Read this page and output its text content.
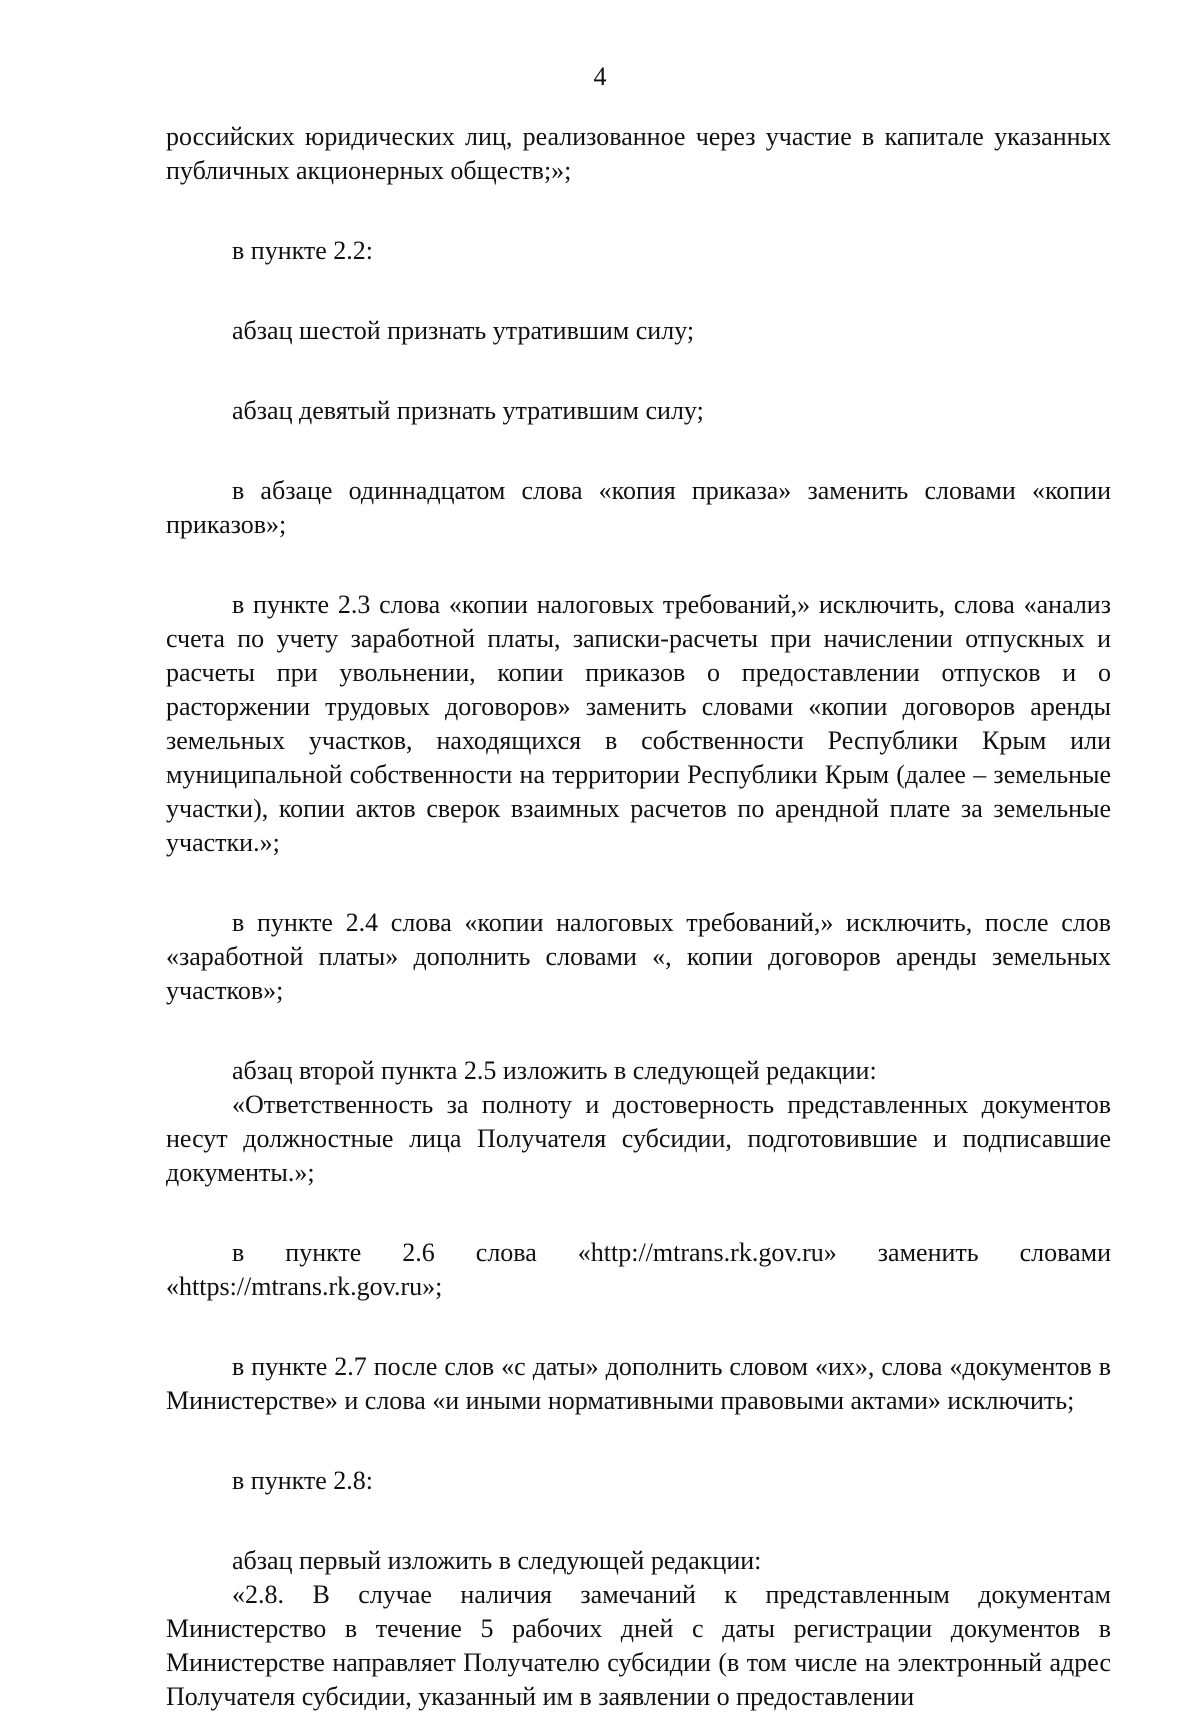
4

российских юридических лиц, реализованное через участие в капитале указанных публичных акционерных обществ;»;

в пункте 2.2:

абзац шестой признать утратившим силу;

абзац девятый признать утратившим силу;

в абзаце одиннадцатом слова «копия приказа» заменить словами «копии приказов»;

в пункте 2.3 слова «копии налоговых требований,» исключить, слова «анализ счета по учету заработной платы, записки-расчеты при начислении отпускных и расчеты при увольнении, копии приказов о предоставлении отпусков и о расторжении трудовых договоров» заменить словами «копии договоров аренды земельных участков, находящихся в собственности Республики Крым или муниципальной собственности на территории Республики Крым (далее – земельные участки), копии актов сверок взаимных расчетов по арендной плате за земельные участки.»;

в пункте 2.4 слова «копии налоговых требований,» исключить, после слов «заработной платы» дополнить словами «, копии договоров аренды земельных участков»;

абзац второй пункта 2.5 изложить в следующей редакции:

«Ответственность за полноту и достоверность представленных документов несут должностные лица Получателя субсидии, подготовившие и подписавшие документы.»;

в пункте 2.6 слова «http://mtrans.rk.gov.ru» заменить словами «https://mtrans.rk.gov.ru»;

в пункте 2.7 после слов «с даты» дополнить словом «их», слова «документов в Министерстве» и слова «и иными нормативными правовыми актами» исключить;

в пункте 2.8:

абзац первый изложить в следующей редакции:

«2.8. В случае наличия замечаний к представленным документам Министерство в течение 5 рабочих дней с даты регистрации документов в Министерстве направляет Получателю субсидии (в том числе на электронный адрес Получателя субсидии, указанный им в заявлении о предоставлении
